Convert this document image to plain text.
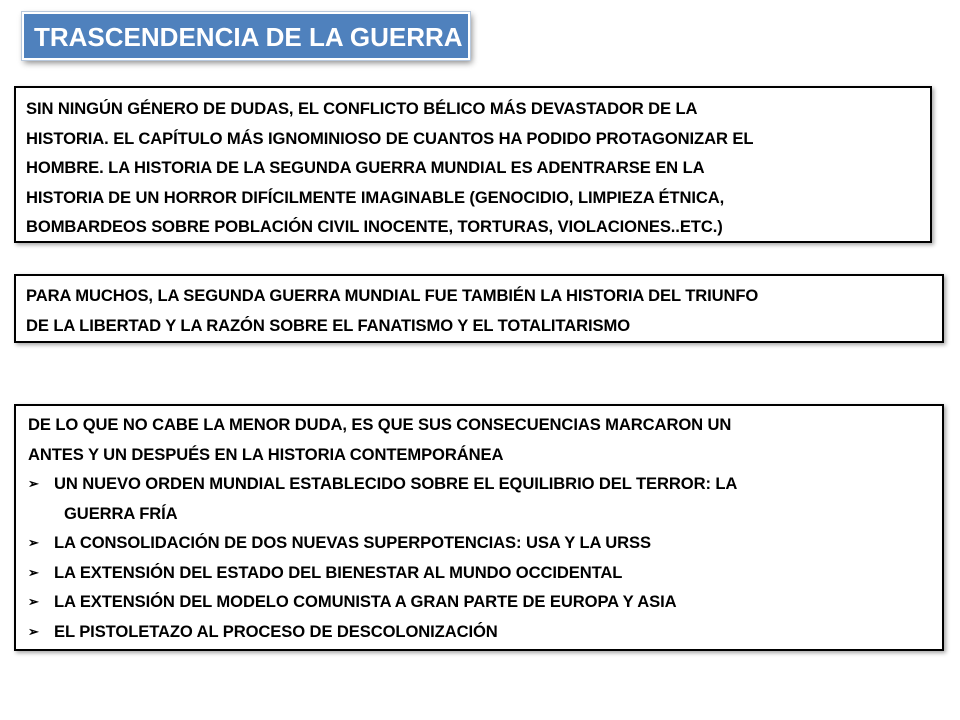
TRASCENDENCIA DE LA GUERRA
SIN NINGÚN GÉNERO DE DUDAS, EL CONFLICTO BÉLICO MÁS DEVASTADOR DE LA
HISTORIA. EL CAPÍTULO MÁS IGNOMINIOSO DE CUANTOS HA PODIDO PROTAGONIZAR EL
HOMBRE. LA HISTORIA DE LA SEGUNDA GUERRA MUNDIAL ES ADENTRARSE EN LA
HISTORIA DE UN HORROR DIFÍCILMENTE IMAGINABLE (GENOCIDIO, LIMPIEZA ÉTNICA,
BOMBARDEOS SOBRE POBLACIÓN CIVIL INOCENTE, TORTURAS, VIOLACIONES..ETC.)
PARA MUCHOS, LA SEGUNDA GUERRA MUNDIAL FUE TAMBIÉN LA HISTORIA DEL TRIUNFO
DE LA LIBERTAD Y LA RAZÓN SOBRE EL FANATISMO Y EL TOTALITARISMO
DE LO QUE NO CABE LA MENOR DUDA, ES QUE SUS CONSECUENCIAS MARCARON UN
ANTES Y UN DESPUÉS EN LA HISTORIA CONTEMPORÁNEA
➢ UN NUEVO ORDEN MUNDIAL ESTABLECIDO SOBRE EL EQUILIBRIO DEL TERROR: LA
GUERRA FRÍA
➢ LA CONSOLIDACIÓN DE DOS NUEVAS SUPERPOTENCIAS: USA Y LA URSS
➢ LA EXTENSIÓN DEL ESTADO DEL BIENESTAR AL MUNDO OCCIDENTAL
➢ LA EXTENSIÓN DEL MODELO COMUNISTA A GRAN PARTE DE EUROPA Y ASIA
➢ EL PISTOLETAZO AL PROCESO DE DESCOLONIZACIÓN
